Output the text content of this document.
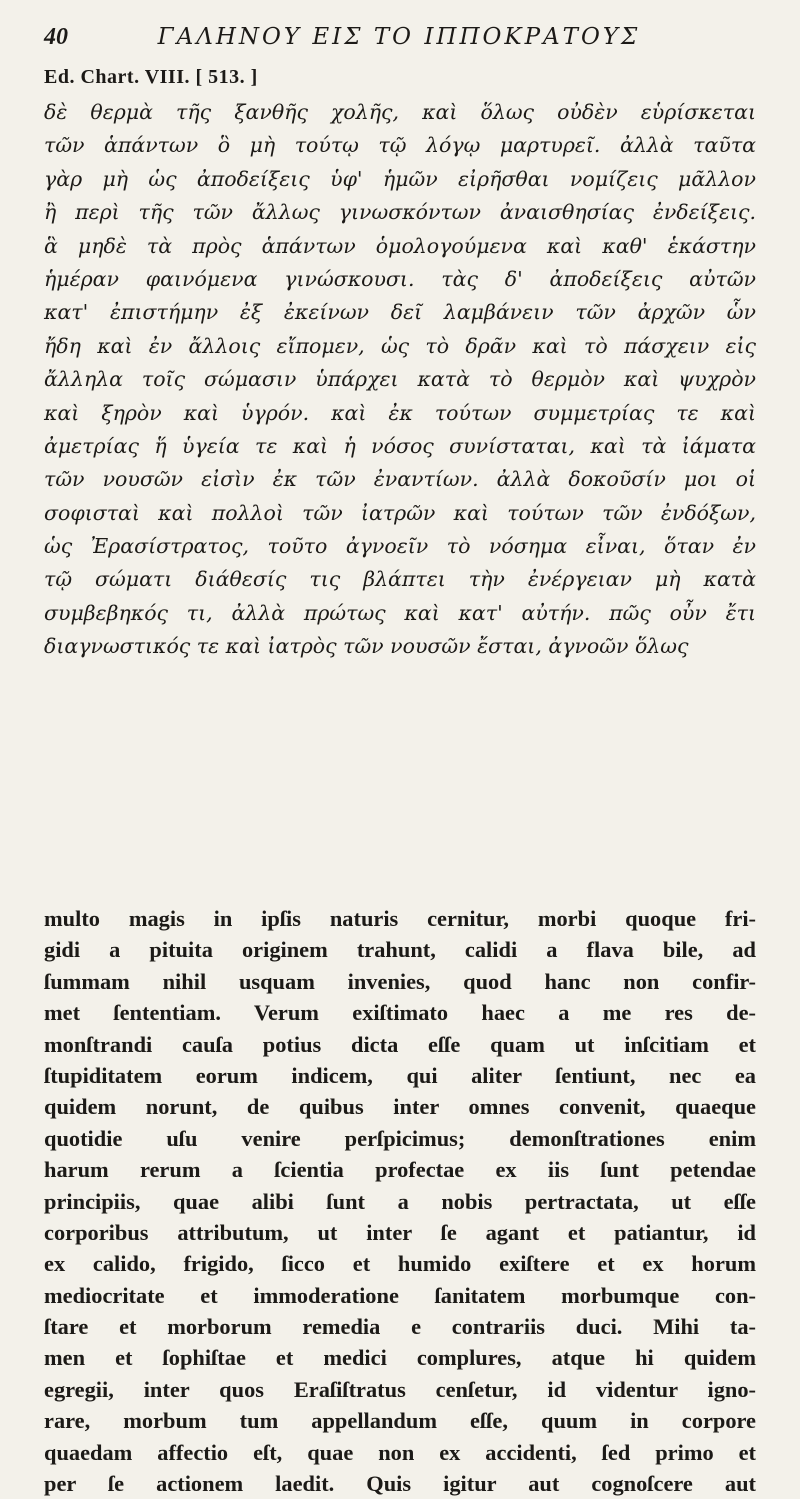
40	ΓΑΛΗΝΟΥ ΕΙΣ ΤΟ ΙΠΠΟΚΡΑΤΟΥΣ
Ed. Chart. VIII. [ 513. ]
δὲ θερμὰ τῆς ξανθῆς χολῆς, καὶ ὅλως οὐδὲν εὑρίσκεται
τῶν ἁπάντων ὃ μὴ τούτῳ τῷ λόγῳ μαρτυρεῖ. ἀλλὰ ταῦτα
γὰρ μὴ ὡς ἀποδείξεις ὑφ' ἡμῶν εἰρῆσθαι νομίζεις μᾶλλον
ἢ περὶ τῆς τῶν ἄλλως γινωσκόντων ἀναισθησίας ἐνδείξεις.
ἃ μηδὲ τὰ πρὸς ἁπάντων ὁμολογούμενα καὶ καθ' ἑκάστην
ἡμέραν φαινόμενα γινώσκουσι. τὰς δ' ἀποδείξεις αὐτῶν
κατ' ἐπιστήμην ἐξ ἐκείνων δεῖ λαμβάνειν τῶν ἀρχῶν ὧν
ἤδη καὶ ἐν ἄλλοις εἴπομεν, ὡς τὸ δρᾶν καὶ τὸ πάσχειν εἰς
ἄλληλα τοῖς σώμασιν ὑπάρχει κατὰ τὸ θερμὸν καὶ ψυχρὸν
καὶ ξηρὸν καὶ ὑγρόν. καὶ ἐκ τούτων συμμετρίας τε καὶ
ἀμετρίας ἥ ὑγεία τε καὶ ἡ νόσος συνίσταται, καὶ τὰ ἰάματα
τῶν νουσῶν εἰσὶν ἐκ τῶν ἐναντίων. ἀλλὰ δοκοῦσίν μοι οἱ
σοφισταὶ καὶ πολλοὶ τῶν ἰατρῶν καὶ τούτων τῶν ἐνδόξων,
ὡς Ἐρασίστρατος, τοῦτο ἀγνοεῖν τὸ νόσημα εἶναι, ὅταν ἐν
τῷ σώματι διάθεσίς τις βλάπτει τὴν ἐνέργειαν μὴ κατὰ
συμβεβηκός τι, ἀλλὰ πρώτως καὶ κατ' αὐτήν. πῶς οὖν ἔτι
διαγνωστικός τε καὶ ἰατρὸς τῶν νουσῶν ἔσται, ἀγνοῶν ὅλως
multo magis in ipſis naturis cernitur, morbi quoque fri-
gidi a pituita originem trahunt, calidi a flava bile, ad
ſummam nihil usquam invenies, quod hanc non confir-
met ſententiam. Verum exiſtimato haec a me res de-
monſtrandi cauſa potius dicta eſſe quam ut inſcitiam et
ſtupiditatem eorum indicem, qui aliter ſentiunt, nec ea
quidem norunt, de quibus inter omnes convenit, quaeque
quotidie uſu venire perſpicimus; demonſtrationes enim
harum rerum a ſcientia profectae ex iis ſunt petendae
principiis, quae alibi ſunt a nobis pertractata, ut eſſe
corporibus attributum, ut inter ſe agant et patiantur, id
ex calido, frigido, ſicco et humido exiſtere et ex horum
mediocritate et immoderatione ſanitatem morbumque con-
ſtare et morborum remedia e contrariis duci. Mihi ta-
men et ſophiſtae et medici complures, atque hi quidem
egregii, inter quos Eraſiſtratus cenſetur, id videntur igno-
rare, morbum tum appellandum eſſe, quum in corpore
quaedam affectio eſt, quae non ex accidenti, ſed primo et
per ſe actionem laedit. Quis igitur aut cognoſcere aut
